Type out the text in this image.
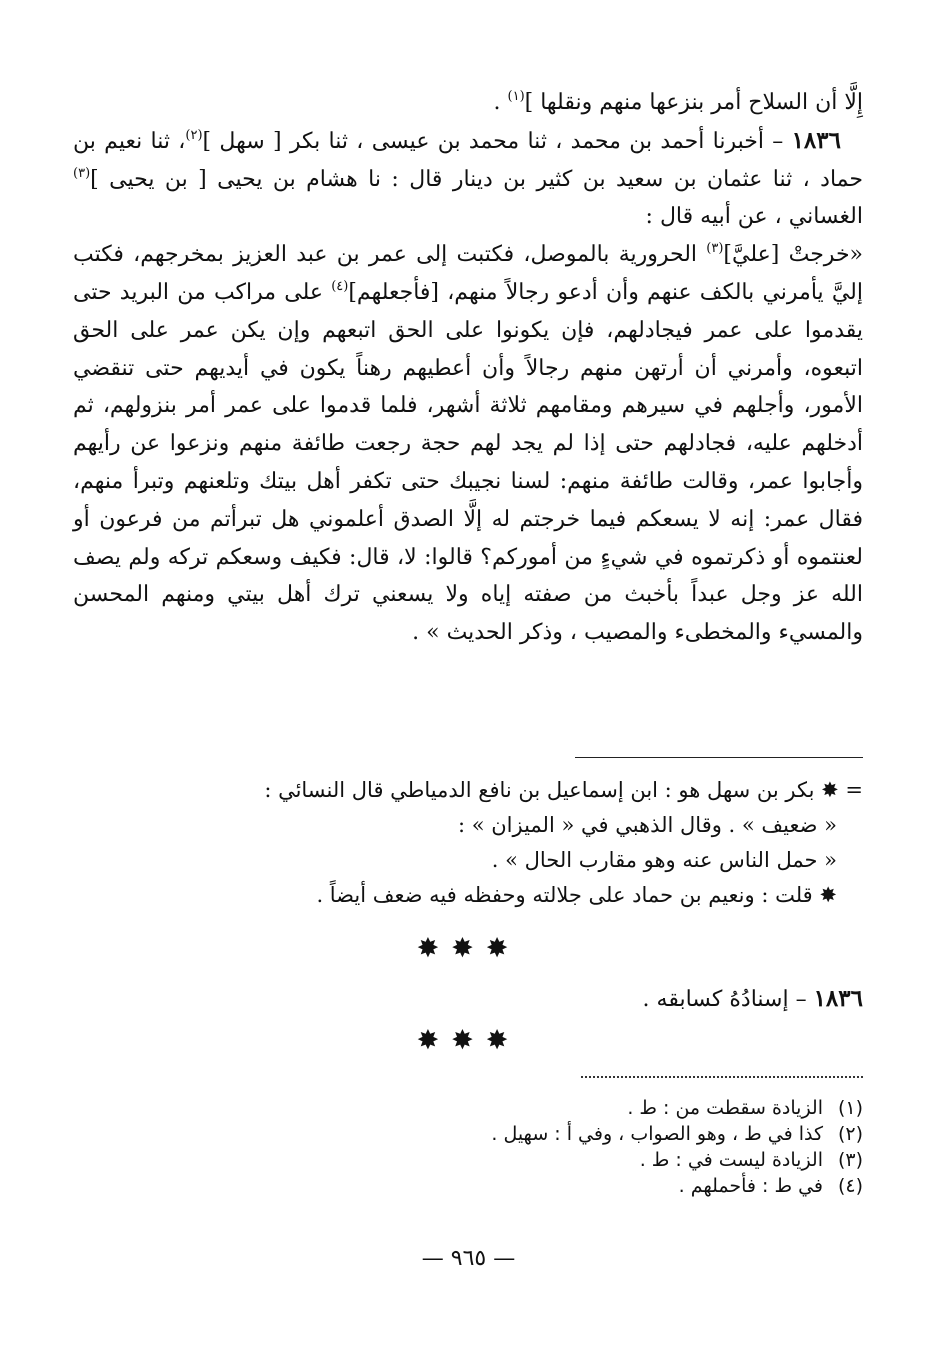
إِلَّا أن السلاح أمر بنزعها منهم ونقلها ]$^{(١)}$ .

١٨٣٦ – أخبرنا أحمد بن محمد ، ثنا محمد بن عيسى ، ثنا بكر [ سهل ]$^{(٢)}$، ثنا نعيم بن حماد ، ثنا عثمان بن سعيد بن كثير بن دينار قال : نا هشام بن يحيى [ بن يحيى ]$^{(٣)}$ الغساني ، عن أبيه قال :

«خرجتْ [عليَّ]$^{(٣)}$ الحرورية بالموصل، فكتبت إلى عمر بن عبد العزيز بمخرجهم، فكتب إليَّ يأمرني بالكف عنهم وأن أدعو رجالاً منهم، [فأجعلهم]$^{(٤)}$ على مراكب من البريد حتى يقدموا على عمر فيجادلهم، فإن يكونوا على الحق اتبعهم وإن يكن عمر على الحق اتبعوه، وأمرني أن أرتهن منهم رجالاً وأن أعطيهم رهناً يكون في أيديهم حتى تنقضي الأمور، وأجلهم في سيرهم ومقامهم ثلاثة أشهر، فلما قدموا على عمر أمر بنزولهم، ثم أدخلهم عليه، فجادلهم حتى إذا لم يجد لهم حجة رجعت طائفة منهم ونزعوا عن رأيهم وأجابوا عمر، وقالت طائفة منهم: لسنا نجيبك حتى تكفر أهل بيتك وتلعنهم وتبرأ منهم، فقال عمر: إنه لا يسعكم فيما خرجتم له إلَّا الصدق أعلموني هل تبرأتم من فرعون أو لعنتموه أو ذكرتموه في شيءٍ من أموركم؟ قالوا: لا، قال: فكيف وسعكم تركه ولم يصف الله عز وجل عبداً بأخبث من صفته إياه ولا يسعني ترك أهل بيتي ومنهم المحسن والمسيء والمخطىء والمصيب ، وذكر الحديث » .

= ✸ بكر بن سهل هو : ابن إسماعيل بن نافع الدمياطي قال النسائي :
« ضعيف » . وقال الذهبي في « الميزان » :
« حمل الناس عنه وهو مقارب الحال » .
✸ قلت : ونعيم بن حماد على جلالته وحفظه فيه ضعف أيضاً .
✸✸✸
١٨٣٦ – إسنادُهُ كسابقه .
✸✸✸
(١)الزيادة سقطت من : ط .
(٢)كذا في ط ، وهو الصواب ، وفي أ : سهيل .
(٣)الزيادة ليست في : ط .
(٤)في ط : فأحملهم .
— ٩٦٥ —
